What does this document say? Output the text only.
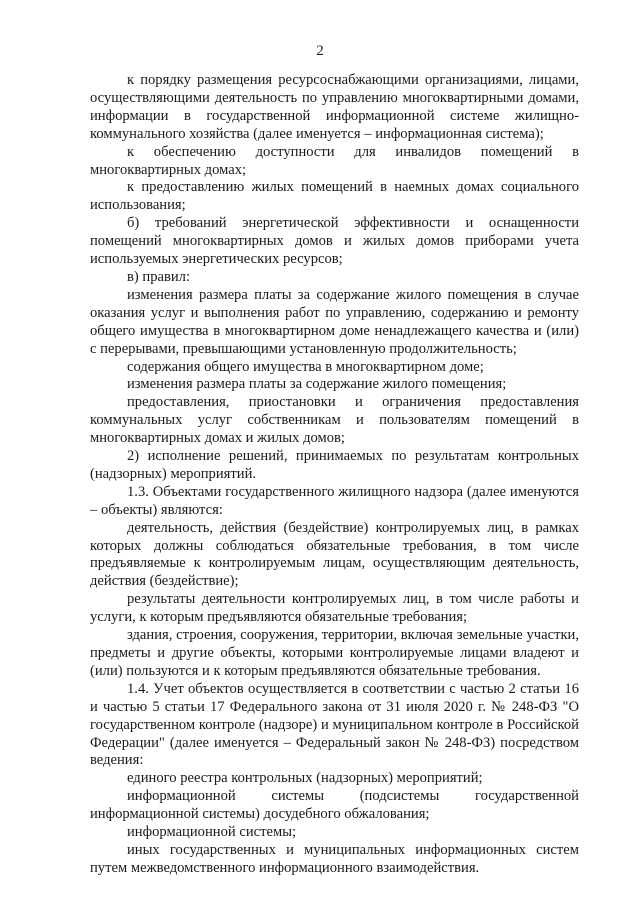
2

к порядку размещения ресурсоснабжающими организациями, лицами, осуществляющими деятельность по управлению многоквартирными домами, информации в государственной информационной системе жилищно-коммунального хозяйства (далее именуется – информационная система);

к обеспечению доступности для инвалидов помещений в многоквартирных домах;

к предоставлению жилых помещений в наемных домах социального использования;

б) требований энергетической эффективности и оснащенности помещений многоквартирных домов и жилых домов приборами учета используемых энергетических ресурсов;

в) правил:

изменения размера платы за содержание жилого помещения в случае оказания услуг и выполнения работ по управлению, содержанию и ремонту общего имущества в многоквартирном доме ненадлежащего качества и (или) с перерывами, превышающими установленную продолжительность;

содержания общего имущества в многоквартирном доме;

изменения размера платы за содержание жилого помещения;

предоставления, приостановки и ограничения предоставления коммунальных услуг собственникам и пользователям помещений в многоквартирных домах и жилых домов;

2) исполнение решений, принимаемых по результатам контрольных (надзорных) мероприятий.

1.3. Объектами государственного жилищного надзора (далее именуются – объекты) являются:

деятельность, действия (бездействие) контролируемых лиц, в рамках которых должны соблюдаться обязательные требования, в том числе предъявляемые к контролируемым лицам, осуществляющим деятельность, действия (бездействие);

результаты деятельности контролируемых лиц, в том числе работы и услуги, к которым предъявляются обязательные требования;

здания, строения, сооружения, территории, включая земельные участки, предметы и другие объекты, которыми контролируемые лицами владеют и (или) пользуются и к которым предъявляются обязательные требования.

1.4. Учет объектов осуществляется в соответствии с частью 2 статьи 16 и частью 5 статьи 17 Федерального закона от 31 июля 2020 г. № 248-ФЗ "О государственном контроле (надзоре) и муниципальном контроле в Российской Федерации" (далее именуется – Федеральный закон № 248-ФЗ) посредством ведения:

единого реестра контрольных (надзорных) мероприятий;

информационной системы (подсистемы государственной информационной системы) досудебного обжалования;

информационной системы;

иных государственных и муниципальных информационных систем путем межведомственного информационного взаимодействия.
